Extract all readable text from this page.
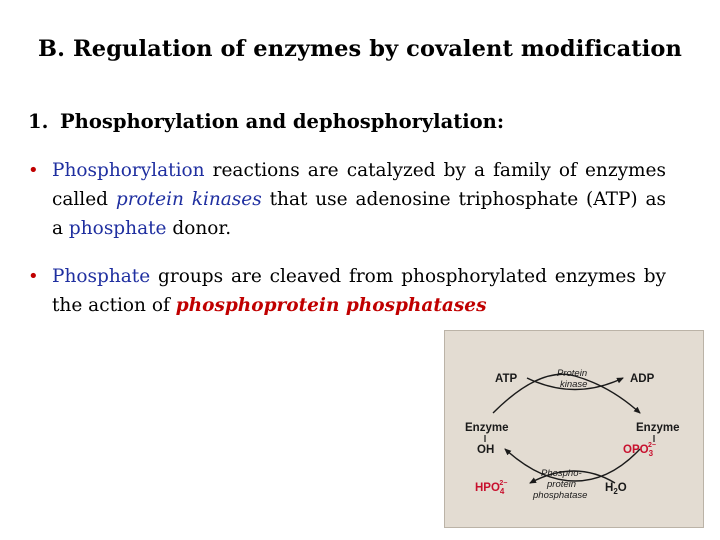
B. Regulation of enzymes by covalent modification
1. Phosphorylation and dephosphorylation:
• Phosphorylation reactions are catalyzed by a family of enzymes called protein kinases that use adenosine triphosphate (ATP) as a phosphate donor.
• Phosphate groups are cleaved from phosphorylated enzymes by the action of phosphoprotein phosphatases
ATP	ADP
Protein
kinase
Enzyme
OH
Enzyme
$OPO_32-$
$HPO_42-$	$H_2O$
Phospho-
protein
phosphatase
